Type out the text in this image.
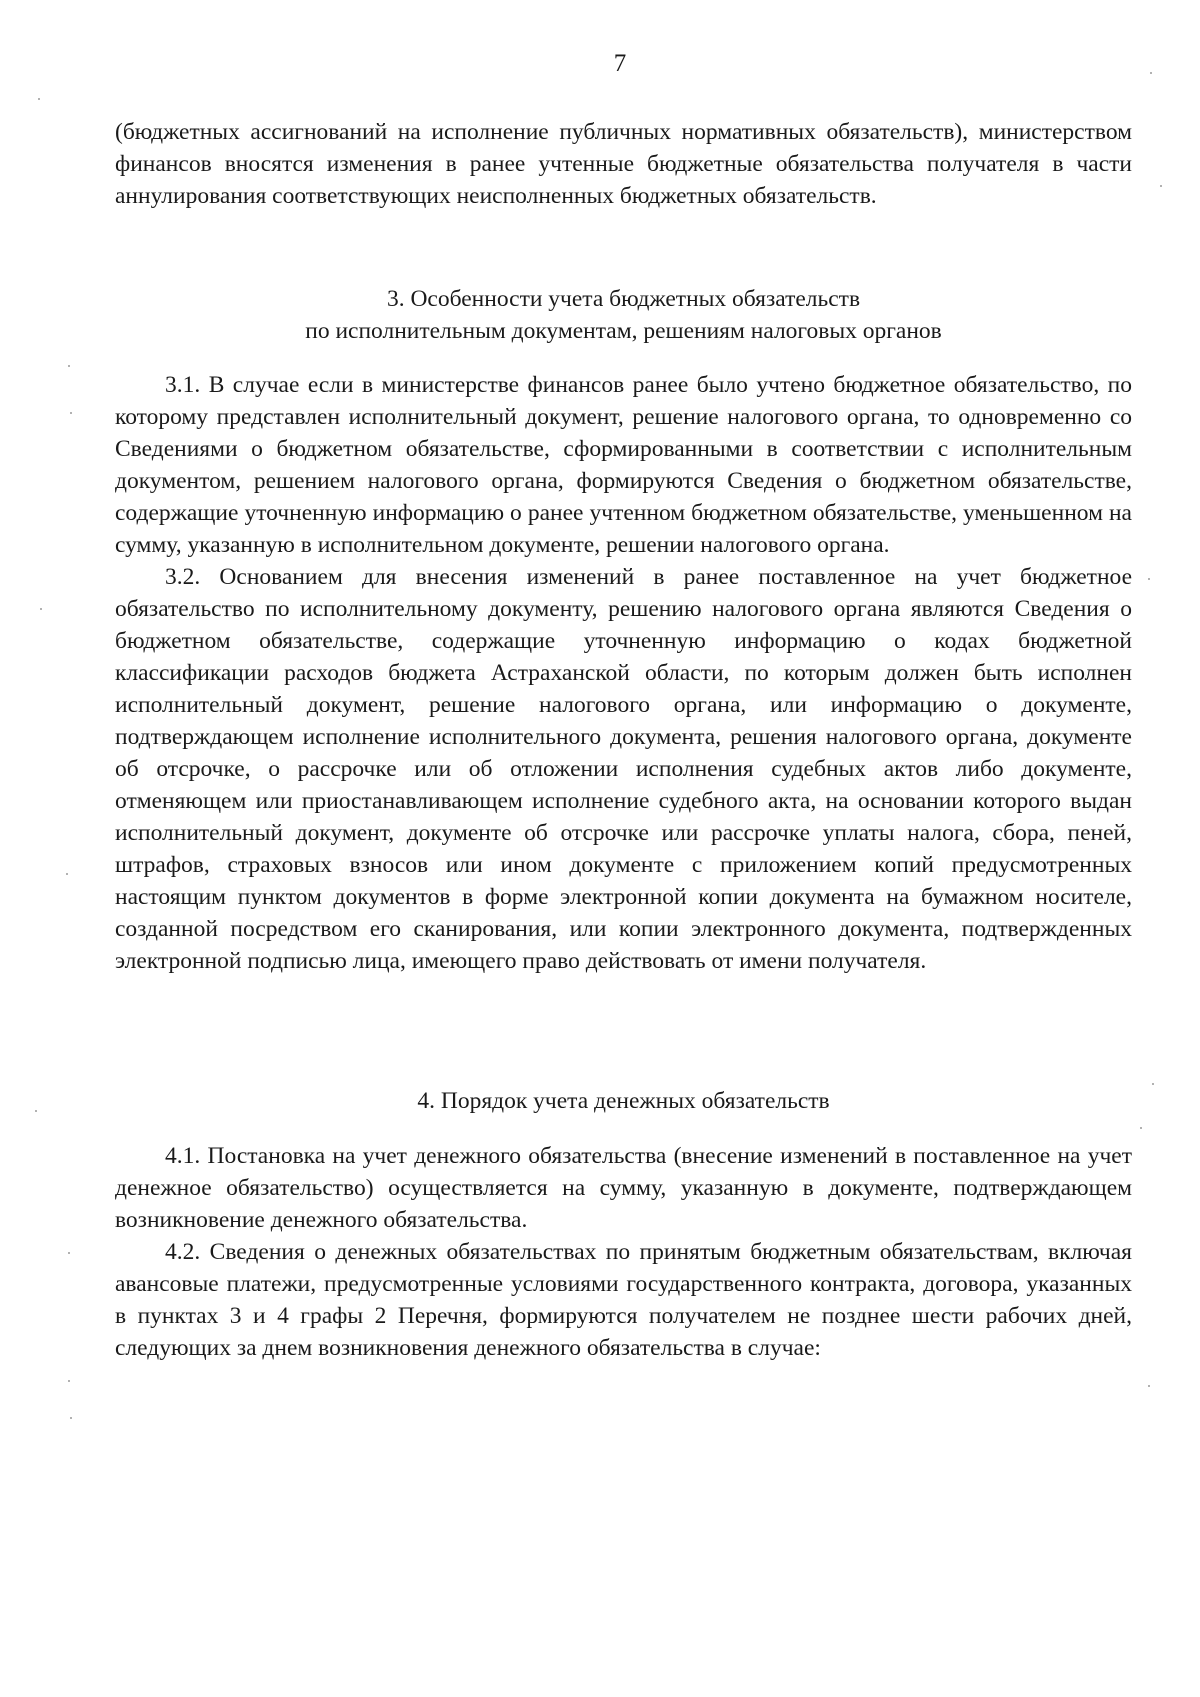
7

(бюджетных ассигнований на исполнение публичных нормативных обязательств), министерством финансов вносятся изменения в ранее учтенные бюджетные обязательства получателя в части аннулирования соответствующих неисполненных бюджетных обязательств.

3. Особенности учета бюджетных обязательств

по исполнительным документам, решениям налоговых органов

3.1. В случае если в министерстве финансов ранее было учтено бюджетное обязательство, по которому представлен исполнительный документ, решение налогового органа, то одновременно со Сведениями о бюджетном обязательстве, сформированными в соответствии с исполнительным документом, решением налогового органа, формируются Сведения о бюджетном обязательстве, содержащие уточненную информацию о ранее учтенном бюджетном обязательстве, уменьшенном на сумму, указанную в исполнительном документе, решении налогового органа.

3.2. Основанием для внесения изменений в ранее поставленное на учет бюджетное обязательство по исполнительному документу, решению налогового органа являются Сведения о бюджетном обязательстве, содержащие уточненную информацию о кодах бюджетной классификации расходов бюджета Астраханской области, по которым должен быть исполнен исполнительный документ, решение налогового органа, или информацию о документе, подтверждающем исполнение исполнительного документа, решения налогового органа, документе об отсрочке, о рассрочке или об отложении исполнения судебных актов либо документе, отменяющем или приостанавливающем исполнение судебного акта, на основании которого выдан исполнительный документ, документе об отсрочке или рассрочке уплаты налога, сбора, пеней, штрафов, страховых взносов или ином документе с приложением копий предусмотренных настоящим пунктом документов в форме электронной копии документа на бумажном носителе, созданной посредством его сканирования, или копии электронного документа, подтвержденных электронной подписью лица, имеющего право действовать от имени получателя.

4. Порядок учета денежных обязательств

4.1. Постановка на учет денежного обязательства (внесение изменений в поставленное на учет денежное обязательство) осуществляется на сумму, указанную в документе, подтверждающем возникновение денежного обязательства.

4.2. Сведения о денежных обязательствах по принятым бюджетным обязательствам, включая авансовые платежи, предусмотренные условиями государственного контракта, договора, указанных в пунктах 3 и 4 графы 2 Перечня, формируются получателем не позднее шести рабочих дней, следующих за днем возникновения денежного обязательства в случае:
